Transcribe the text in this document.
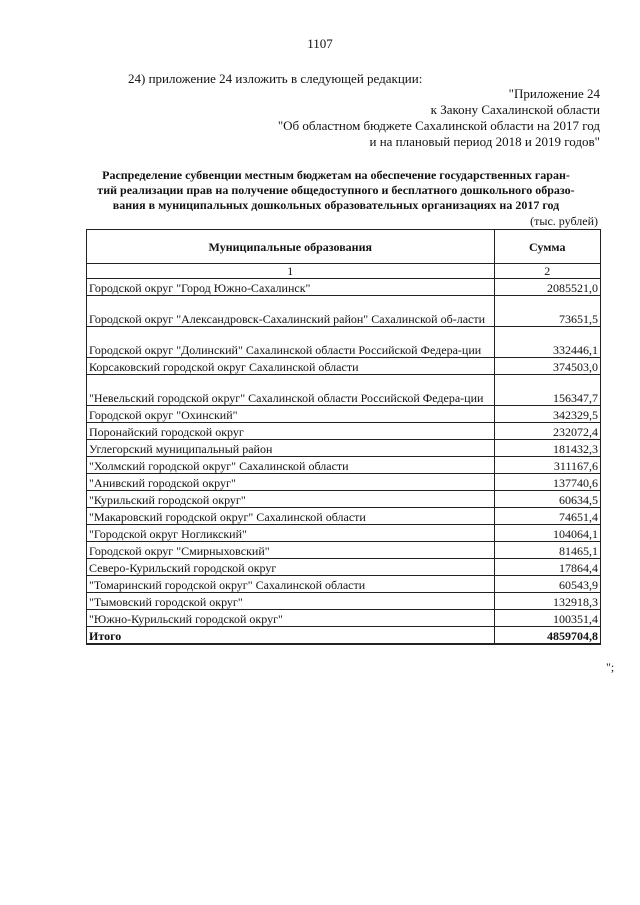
1107
24) приложение 24 изложить в следующей редакции:
"Приложение 24
к Закону Сахалинской области
"Об областном бюджете Сахалинской области на 2017 год
и на плановый период 2018 и 2019 годов"
Распределение субвенции местным бюджетам на обеспечение государственных гаран-
тий реализации прав на получение общедоступного и бесплатного дошкольного образо-
вания в муниципальных дошкольных образовательных организациях на 2017 год
(тыс. рублей)
Муниципальные образования	Сумма
1	2
Городской округ "Город Южно-Сахалинск"	2085521,0
Городской округ "Александровск-Сахалинский район" Сахалинской об-ласти	73651,5
Городской округ "Долинский" Сахалинской области Российской Федера-ции	332446,1
Корсаковский городской округ Сахалинской области	374503,0
"Невельский городской округ" Сахалинской области Российской Федера-ции	156347,7
Городской округ "Охинский"	342329,5
Поронайский городской округ	232072,4
Углегорский муниципальный район	181432,3
"Холмский городской округ" Сахалинской области	311167,6
"Анивский городской округ"	137740,6
"Курильский городской округ"	60634,5
"Макаровский городской округ" Сахалинской области	74651,4
"Городской округ Ногликский"	104064,1
Городской округ "Смирныховский"	81465,1
Северо-Курильский городской округ	17864,4
"Томаринский городской округ" Сахалинской области	60543,9
"Тымовский городской округ"	132918,3
"Южно-Курильский городской округ"	100351,4
Итого	4859704,8
";
